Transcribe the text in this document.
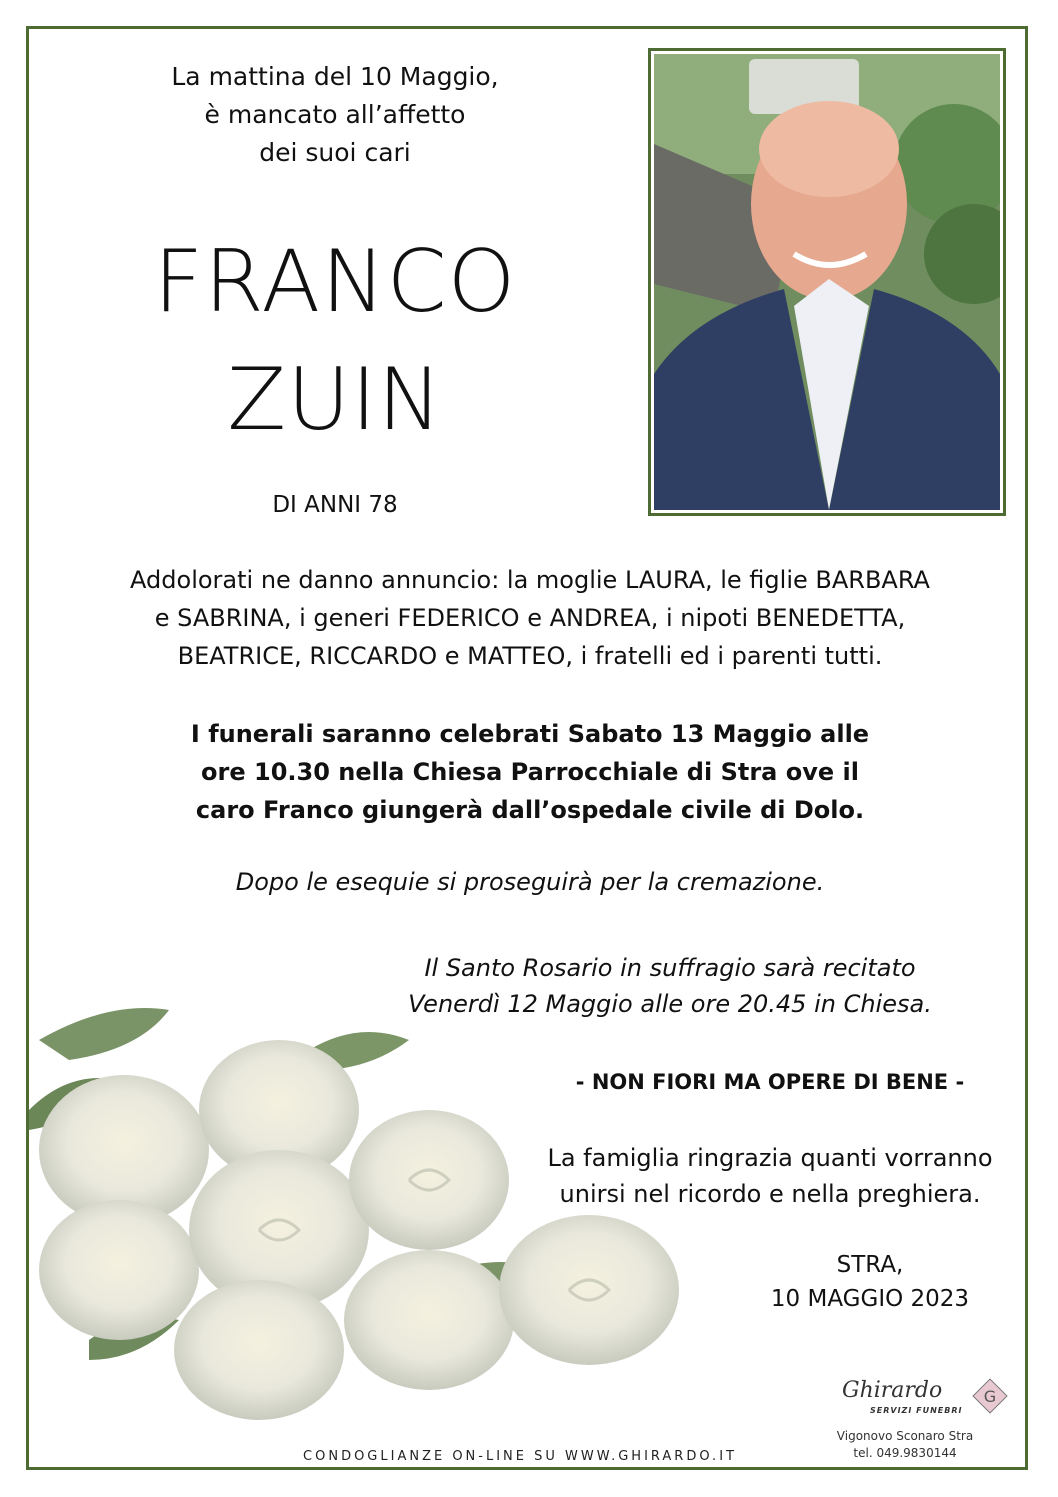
La mattina del 10 Maggio,
è mancato all’affetto
dei suoi cari
FRANCO
ZUIN
DI ANNI 78
Addolorati ne danno annuncio: la moglie LAURA, le figlie BARBARA
e SABRINA, i generi FEDERICO e ANDREA, i nipoti BENEDETTA,
BEATRICE, RICCARDO e MATTEO, i fratelli ed i parenti tutti.
I funerali saranno celebrati Sabato 13 Maggio alle
ore 10.30 nella Chiesa Parrocchiale di Stra ove il
caro Franco giungerà dall’ospedale civile di Dolo.
Dopo le esequie si proseguirà per la cremazione.
Il Santo Rosario in suffragio sarà recitato
Venerdì 12 Maggio alle ore 20.45 in Chiesa.
- NON FIORI MA OPERE DI BENE -
La famiglia ringrazia quanti vorranno
unirsi nel ricordo e nella preghiera.
STRA,
10 MAGGIO 2023
Ghirardo
SERVIZI FUNEBRI
G
Vigonovo Sconaro Stra
tel. 049.9830144
CONDOGLIANZE ON-LINE SU WWW.GHIRARDO.IT
